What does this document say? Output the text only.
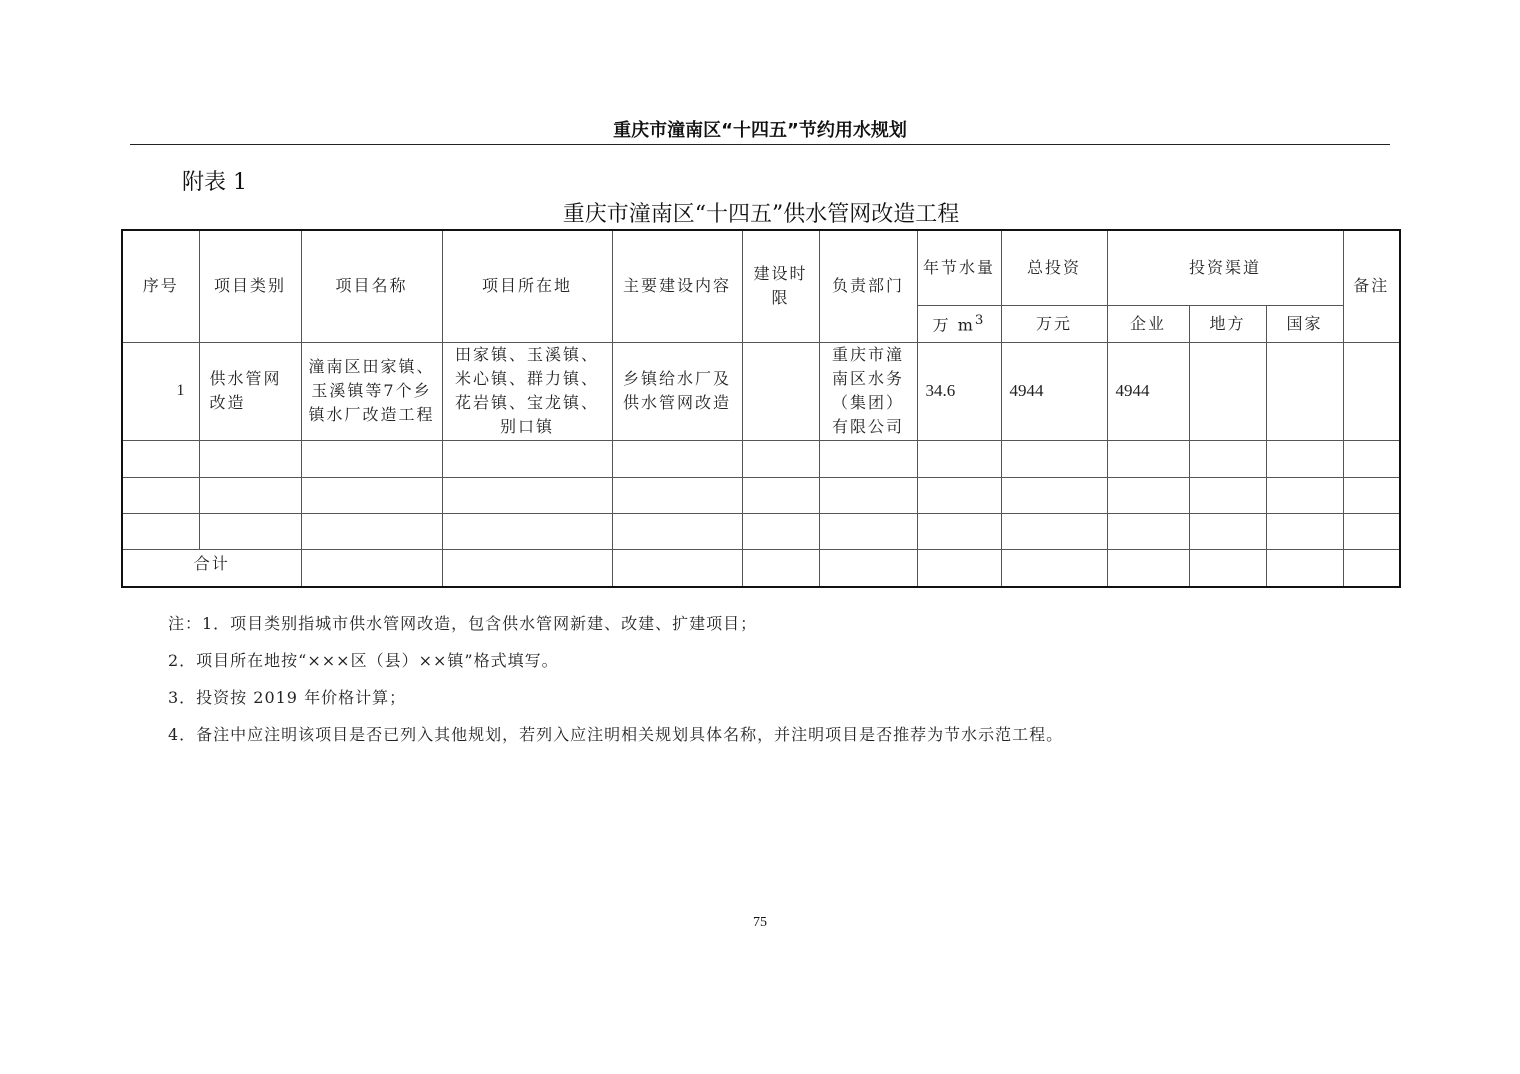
重庆市潼南区“十四五”节约用水规划
附表 1
重庆市潼南区“十四五”供水管网改造工程
序号	项目类别	项目名称	项目所在地	主要建设内容	建设时限	负责部门	年节水量	总投资	投资渠道			备注
							万 $m^3$	万元	企业	地方	国家	
1	供水管网改造	潼南区田家镇、玉溪镇等7个乡镇水厂改造工程	田家镇、玉溪镇、米心镇、群力镇、花岩镇、宝龙镇、别口镇	乡镇给水厂及供水管网改造		重庆市潼南区水务（集团）有限公司	34.6	4944	4944			

合计												
注：1．项目类别指城市供水管网改造，包含供水管网新建、改建、扩建项目；
2．项目所在地按“×××区（县）××镇”格式填写。
3．投资按 2019 年价格计算；
4．备注中应注明该项目是否已列入其他规划，若列入应注明相关规划具体名称，并注明项目是否推荐为节水示范工程。
75
